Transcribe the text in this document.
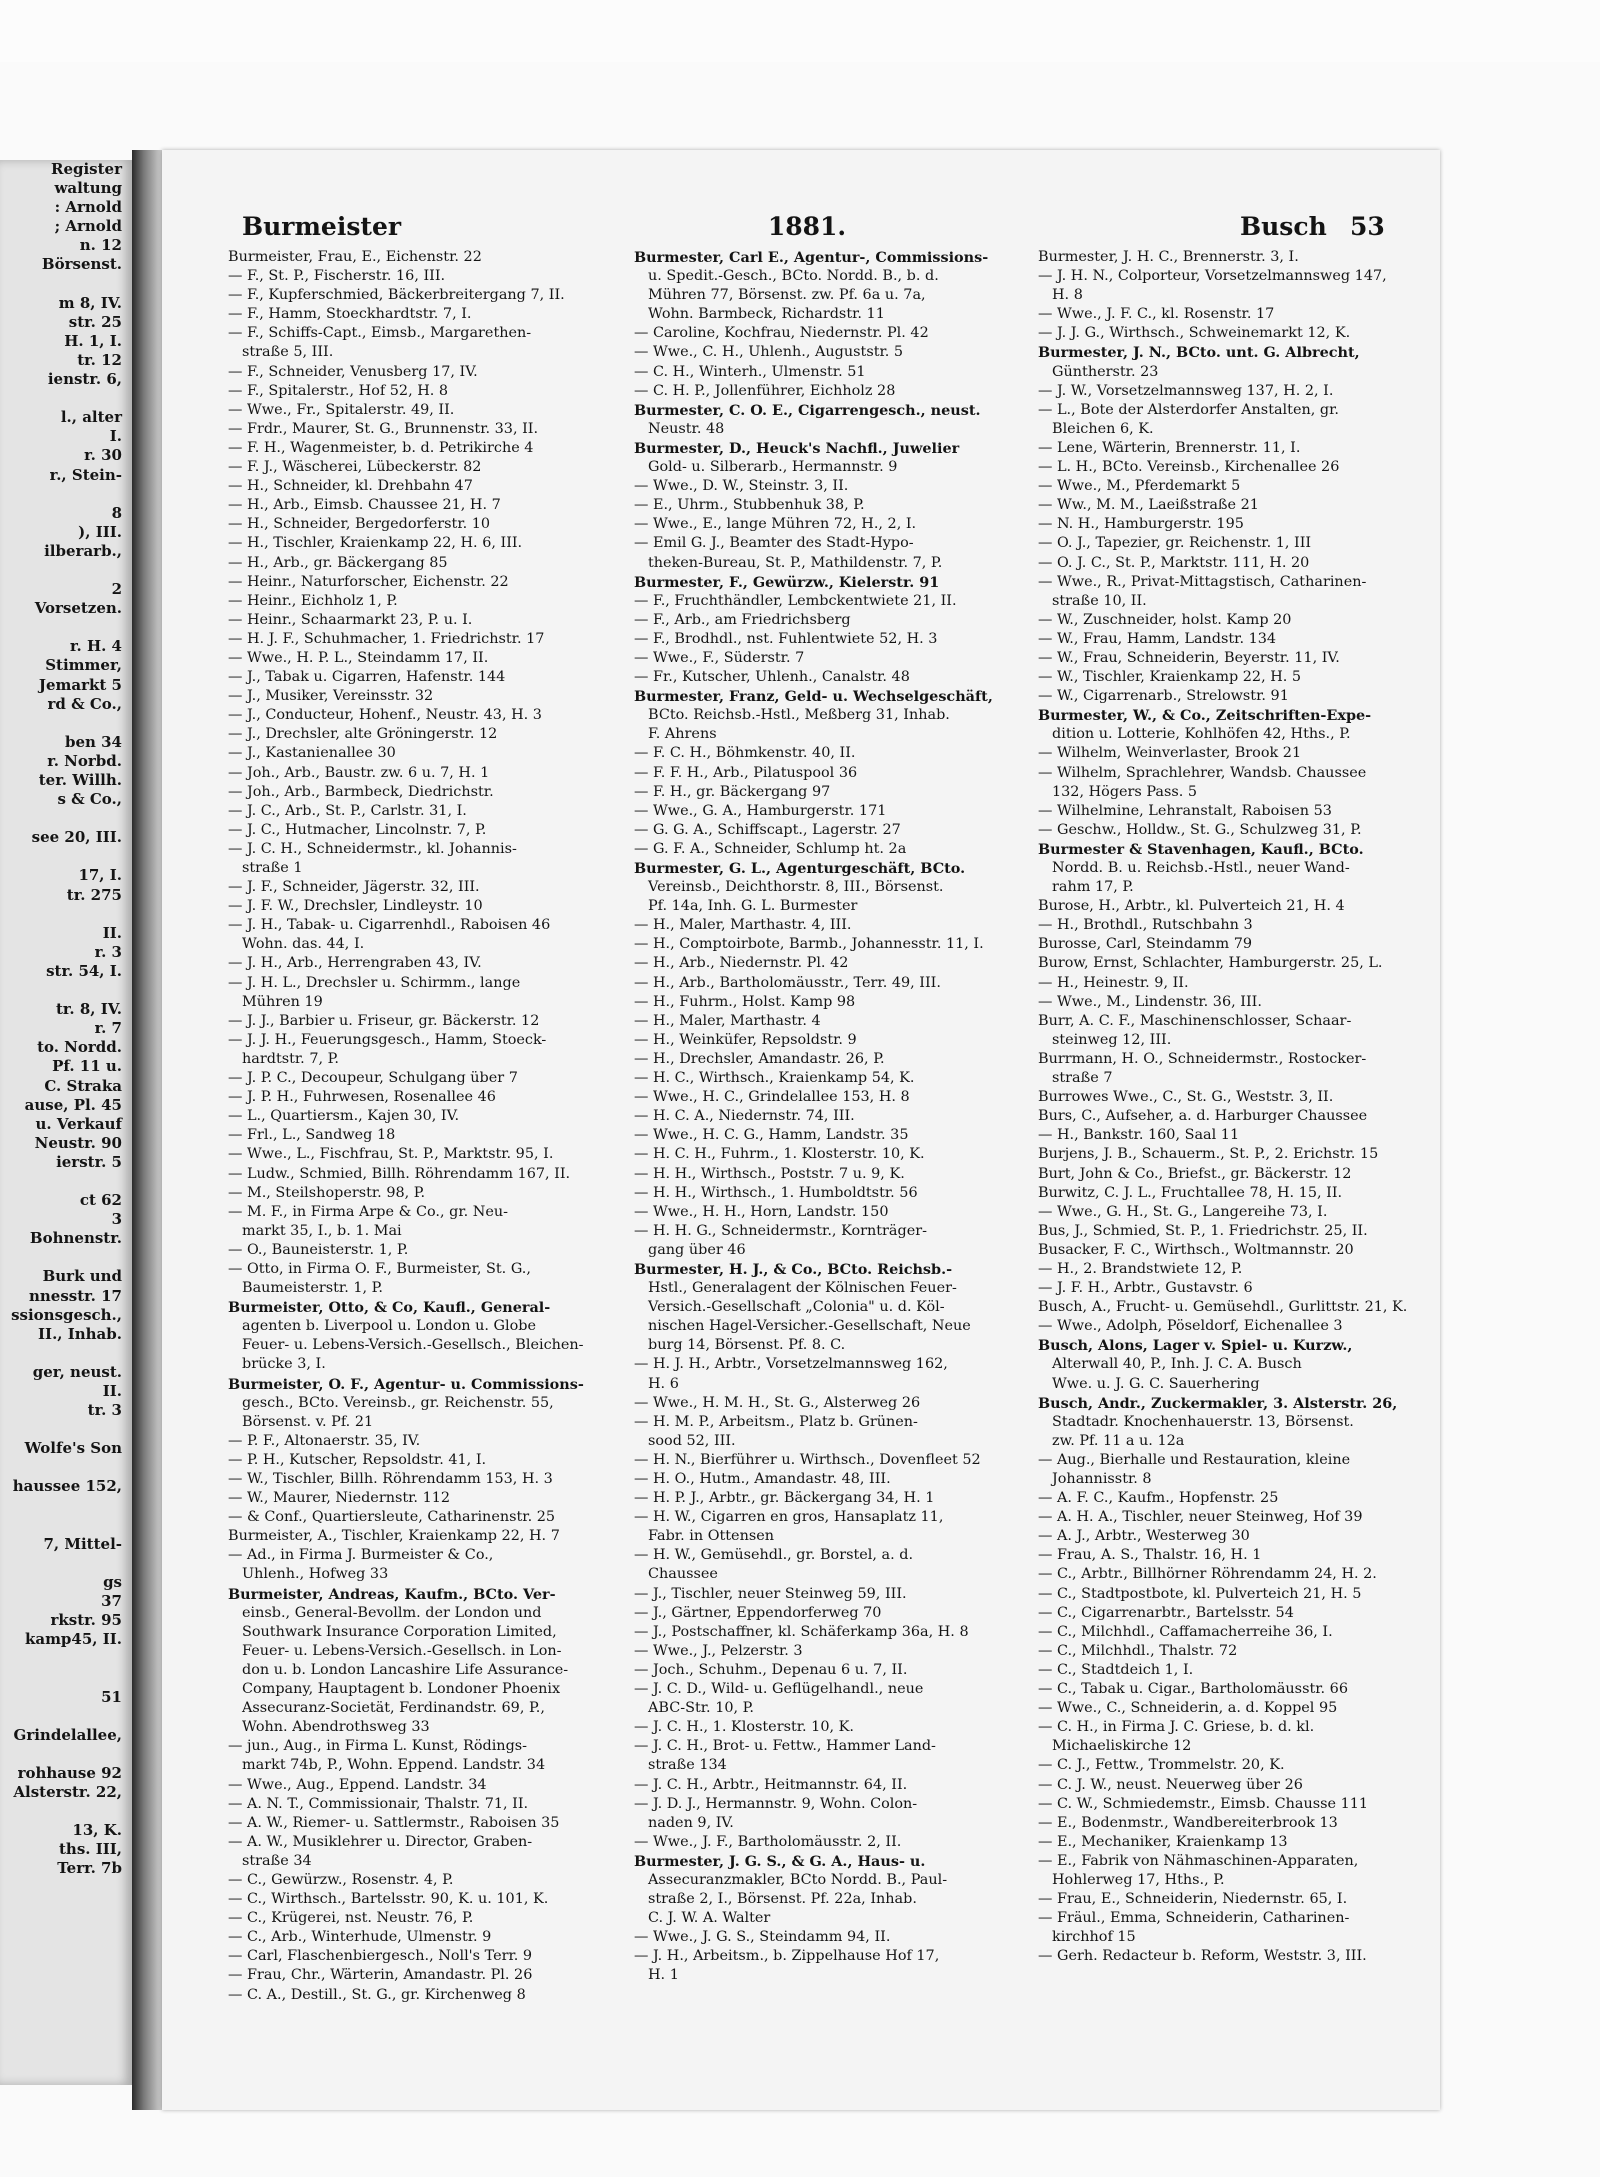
Register
waltung
: Arnold
; Arnold
n. 12
Börsenst.
m 8, IV.
str. 25
H. 1, I.
tr. 12
ienstr. 6,
l., alter
I.
r. 30
r., Stein-
8
), III.
ilberarb.,
2
Vorsetzen.
r. H. 4
Stimmer,
Jemarkt 5
rd & Co.,
ben 34
r. Norbd.
ter. Willh.
s & Co.,
see 20, III.
17, I.
tr. 275
II.
r. 3
str. 54, I.
tr. 8, IV.
r. 7
to. Nordd.
Pf. 11 u.
C. Straka
ause, Pl. 45
u. Verkauf
Neustr. 90
ierstr. 5
ct 62
3
Bohnenstr.
Burk und
nnesstr. 17
ssionsgesch.,
II., Inhab.
ger, neust.
II.
tr. 3
Wolfe's Son
haussee 152,
7, Mittel-
gs
37
rkstr. 95
kamp45, II.
51
Grindelallee,
rohhause 92
Alsterstr. 22,
13, K.
ths. III,
Terr. 7b
Burmeister	1881.	Busch 53
Burmeister, Frau, E., Eichenstr. 22
— F., St. P., Fischerstr. 16, III.
— F., Kupferschmied, Bäckerbreitergang 7, II.
— F., Hamm, Stoeckhardtstr. 7, I.
— F., Schiffs-Capt., Eimsb., Margarethen-
straße 5, III.
— F., Schneider, Venusberg 17, IV.
— F., Spitalerstr., Hof 52, H. 8
— Wwe., Fr., Spitalerstr. 49, II.
— Frdr., Maurer, St. G., Brunnenstr. 33, II.
— F. H., Wagenmeister, b. d. Petrikirche 4
— F. J., Wäscherei, Lübeckerstr. 82
— H., Schneider, kl. Drehbahn 47
— H., Arb., Eimsb. Chaussee 21, H. 7
— H., Schneider, Bergedorferstr. 10
— H., Tischler, Kraienkamp 22, H. 6, III.
— H., Arb., gr. Bäckergang 85
— Heinr., Naturforscher, Eichenstr. 22
— Heinr., Eichholz 1, P.
— Heinr., Schaarmarkt 23, P. u. I.
— H. J. F., Schuhmacher, 1. Friedrichstr. 17
— Wwe., H. P. L., Steindamm 17, II.
— J., Tabak u. Cigarren, Hafenstr. 144
— J., Musiker, Vereinsstr. 32
— J., Conducteur, Hohenf., Neustr. 43, H. 3
— J., Drechsler, alte Gröningerstr. 12
— J., Kastanienallee 30
— Joh., Arb., Baustr. zw. 6 u. 7, H. 1
— Joh., Arb., Barmbeck, Diedrichstr.
— J. C., Arb., St. P., Carlstr. 31, I.
— J. C., Hutmacher, Lincolnstr. 7, P.
— J. C. H., Schneidermstr., kl. Johannis-
straße 1
— J. F., Schneider, Jägerstr. 32, III.
— J. F. W., Drechsler, Lindleystr. 10
— J. H., Tabak- u. Cigarrenhdl., Raboisen 46
Wohn. das. 44, I.
— J. H., Arb., Herrengraben 43, IV.
— J. H. L., Drechsler u. Schirmm., lange
Mühren 19
— J. J., Barbier u. Friseur, gr. Bäckerstr. 12
— J. J. H., Feuerungsgesch., Hamm, Stoeck-
hardtstr. 7, P.
— J. P. C., Decoupeur, Schulgang über 7
— J. P. H., Fuhrwesen, Rosenallee 46
— L., Quartiersm., Kajen 30, IV.
— Frl., L., Sandweg 18
— Wwe., L., Fischfrau, St. P., Marktstr. 95, I.
— Ludw., Schmied, Billh. Röhrendamm 167, II.
— M., Steilshoperstr. 98, P.
— M. F., in Firma Arpe & Co., gr. Neu-
markt 35, I., b. 1. Mai
— O., Bauneisterstr. 1, P.
— Otto, in Firma O. F., Burmeister, St. G.,
Baumeisterstr. 1, P.
Burmeister, Otto, & Co, Kaufl., General-
agenten b. Liverpool u. London u. Globe
Feuer- u. Lebens-Versich.-Gesellsch., Bleichen-
brücke 3, I.
Burmeister, O. F., Agentur- u. Commissions-
gesch., BCto. Vereinsb., gr. Reichenstr. 55,
Börsenst. v. Pf. 21
— P. F., Altonaerstr. 35, IV.
— P. H., Kutscher, Repsoldstr. 41, I.
— W., Tischler, Billh. Röhrendamm 153, H. 3
— W., Maurer, Niedernstr. 112
— & Conf., Quartiersleute, Catharinenstr. 25
Burmeister, A., Tischler, Kraienkamp 22, H. 7
— Ad., in Firma J. Burmeister & Co.,
Uhlenh., Hofweg 33
Burmeister, Andreas, Kaufm., BCto. Ver-
einsb., General-Bevollm. der London und
Southwark Insurance Corporation Limited,
Feuer- u. Lebens-Versich.-Gesellsch. in Lon-
don u. b. London Lancashire Life Assurance-
Company, Hauptagent b. Londoner Phoenix
Assecuranz-Societät, Ferdinandstr. 69, P.,
Wohn. Abendrothsweg 33
— jun., Aug., in Firma L. Kunst, Rödings-
markt 74b, P., Wohn. Eppend. Landstr. 34
— Wwe., Aug., Eppend. Landstr. 34
— A. N. T., Commissionair, Thalstr. 71, II.
— A. W., Riemer- u. Sattlermstr., Raboisen 35
— A. W., Musiklehrer u. Director, Graben-
straße 34
— C., Gewürzw., Rosenstr. 4, P.
— C., Wirthsch., Bartelsstr. 90, K. u. 101, K.
— C., Krügerei, nst. Neustr. 76, P.
— C., Arb., Winterhude, Ulmenstr. 9
— Carl, Flaschenbiergesch., Noll's Terr. 9
— Frau, Chr., Wärterin, Amandastr. Pl. 26
— C. A., Destill., St. G., gr. Kirchenweg 8
Burmester, Carl E., Agentur-, Commissions-
u. Spedit.-Gesch., BCto. Nordd. B., b. d.
Mühren 77, Börsenst. zw. Pf. 6a u. 7a,
Wohn. Barmbeck, Richardstr. 11
— Caroline, Kochfrau, Niedernstr. Pl. 42
— Wwe., C. H., Uhlenh., Auguststr. 5
— C. H., Winterh., Ulmenstr. 51
— C. H. P., Jollenführer, Eichholz 28
Burmester, C. O. E., Cigarrengesch., neust.
Neustr. 48
Burmester, D., Heuck's Nachfl., Juwelier
Gold- u. Silberarb., Hermannstr. 9
— Wwe., D. W., Steinstr. 3, II.
— E., Uhrm., Stubbenhuk 38, P.
— Wwe., E., lange Mühren 72, H., 2, I.
— Emil G. J., Beamter des Stadt-Hypo-
theken-Bureau, St. P., Mathildenstr. 7, P.
Burmester, F., Gewürzw., Kielerstr. 91
— F., Fruchthändler, Lembckentwiete 21, II.
— F., Arb., am Friedrichsberg
— F., Brodhdl., nst. Fuhlentwiete 52, H. 3
— Wwe., F., Süderstr. 7
— Fr., Kutscher, Uhlenh., Canalstr. 48
Burmester, Franz, Geld- u. Wechselgeschäft,
BCto. Reichsb.-Hstl., Meßberg 31, Inhab.
F. Ahrens
— F. C. H., Böhmkenstr. 40, II.
— F. F. H., Arb., Pilatuspool 36
— F. H., gr. Bäckergang 97
— Wwe., G. A., Hamburgerstr. 171
— G. G. A., Schiffscapt., Lagerstr. 27
— G. F. A., Schneider, Schlump ht. 2a
Burmester, G. L., Agenturgeschäft, BCto.
Vereinsb., Deichthorstr. 8, III., Börsenst.
Pf. 14a, Inh. G. L. Burmester
— H., Maler, Marthastr. 4, III.
— H., Comptoirbote, Barmb., Johannesstr. 11, I.
— H., Arb., Niedernstr. Pl. 42
— H., Arb., Bartholomäusstr., Terr. 49, III.
— H., Fuhrm., Holst. Kamp 98
— H., Maler, Marthastr. 4
— H., Weinküfer, Repsoldstr. 9
— H., Drechsler, Amandastr. 26, P.
— H. C., Wirthsch., Kraienkamp 54, K.
— Wwe., H. C., Grindelallee 153, H. 8
— H. C. A., Niedernstr. 74, III.
— Wwe., H. C. G., Hamm, Landstr. 35
— H. C. H., Fuhrm., 1. Klosterstr. 10, K.
— H. H., Wirthsch., Poststr. 7 u. 9, K.
— H. H., Wirthsch., 1. Humboldtstr. 56
— Wwe., H. H., Horn, Landstr. 150
— H. H. G., Schneidermstr., Kornträger-
gang über 46
Burmester, H. J., & Co., BCto. Reichsb.-
Hstl., Generalagent der Kölnischen Feuer-
Versich.-Gesellschaft „Colonia" u. d. Köl-
nischen Hagel-Versicher.-Gesellschaft, Neue
burg 14, Börsenst. Pf. 8. C.
— H. J. H., Arbtr., Vorsetzelmannsweg 162,
H. 6
— Wwe., H. M. H., St. G., Alsterweg 26
— H. M. P., Arbeitsm., Platz b. Grünen-
sood 52, III.
— H. N., Bierführer u. Wirthsch., Dovenfleet 52
— H. O., Hutm., Amandastr. 48, III.
— H. P. J., Arbtr., gr. Bäckergang 34, H. 1
— H. W., Cigarren en gros, Hansaplatz 11,
Fabr. in Ottensen
— H. W., Gemüsehdl., gr. Borstel, a. d.
Chaussee
— J., Tischler, neuer Steinweg 59, III.
— J., Gärtner, Eppendorferweg 70
— J., Postschaffner, kl. Schäferkamp 36a, H. 8
— Wwe., J., Pelzerstr. 3
— Joch., Schuhm., Depenau 6 u. 7, II.
— J. C. D., Wild- u. Geflügelhandl., neue
ABC-Str. 10, P.
— J. C. H., 1. Klosterstr. 10, K.
— J. C. H., Brot- u. Fettw., Hammer Land-
straße 134
— J. C. H., Arbtr., Heitmannstr. 64, II.
— J. D. J., Hermannstr. 9, Wohn. Colon-
naden 9, IV.
— Wwe., J. F., Bartholomäusstr. 2, II.
Burmester, J. G. S., & G. A., Haus- u.
Assecuranzmakler, BCto Nordd. B., Paul-
straße 2, I., Börsenst. Pf. 22a, Inhab.
C. J. W. A. Walter
— Wwe., J. G. S., Steindamm 94, II.
— J. H., Arbeitsm., b. Zippelhause Hof 17,
H. 1
Burmester, J. H. C., Brennerstr. 3, I.
— J. H. N., Colporteur, Vorsetzelmannsweg 147,
H. 8
— Wwe., J. F. C., kl. Rosenstr. 17
— J. J. G., Wirthsch., Schweinemarkt 12, K.
Burmester, J. N., BCto. unt. G. Albrecht,
Güntherstr. 23
— J. W., Vorsetzelmannsweg 137, H. 2, I.
— L., Bote der Alsterdorfer Anstalten, gr.
Bleichen 6, K.
— Lene, Wärterin, Brennerstr. 11, I.
— L. H., BCto. Vereinsb., Kirchenallee 26
— Wwe., M., Pferdemarkt 5
— Ww., M. M., Laeißstraße 21
— N. H., Hamburgerstr. 195
— O. J., Tapezier, gr. Reichenstr. 1, III
— O. J. C., St. P., Marktstr. 111, H. 20
— Wwe., R., Privat-Mittagstisch, Catharinen-
straße 10, II.
— W., Zuschneider, holst. Kamp 20
— W., Frau, Hamm, Landstr. 134
— W., Frau, Schneiderin, Beyerstr. 11, IV.
— W., Tischler, Kraienkamp 22, H. 5
— W., Cigarrenarb., Strelowstr. 91
Burmester, W., & Co., Zeitschriften-Expe-
dition u. Lotterie, Kohlhöfen 42, Hths., P.
— Wilhelm, Weinverlaster, Brook 21
— Wilhelm, Sprachlehrer, Wandsb. Chaussee
132, Högers Pass. 5
— Wilhelmine, Lehranstalt, Raboisen 53
— Geschw., Holldw., St. G., Schulzweg 31, P.
Burmester & Stavenhagen, Kaufl., BCto.
Nordd. B. u. Reichsb.-Hstl., neuer Wand-
rahm 17, P.
Burose, H., Arbtr., kl. Pulverteich 21, H. 4
— H., Brothdl., Rutschbahn 3
Burosse, Carl, Steindamm 79
Burow, Ernst, Schlachter, Hamburgerstr. 25, L.
— H., Heinestr. 9, II.
— Wwe., M., Lindenstr. 36, III.
Burr, A. C. F., Maschinenschlosser, Schaar-
steinweg 12, III.
Burrmann, H. O., Schneidermstr., Rostocker-
straße 7
Burrowes Wwe., C., St. G., Weststr. 3, II.
Burs, C., Aufseher, a. d. Harburger Chaussee
— H., Bankstr. 160, Saal 11
Burjens, J. B., Schauerm., St. P., 2. Erichstr. 15
Burt, John & Co., Briefst., gr. Bäckerstr. 12
Burwitz, C. J. L., Fruchtallee 78, H. 15, II.
— Wwe., G. H., St. G., Langereihe 73, I.
Bus, J., Schmied, St. P., 1. Friedrichstr. 25, II.
Busacker, F. C., Wirthsch., Woltmannstr. 20
— H., 2. Brandstwiete 12, P.
— J. F. H., Arbtr., Gustavstr. 6
Busch, A., Frucht- u. Gemüsehdl., Gurlittstr. 21, K.
— Wwe., Adolph, Pöseldorf, Eichenallee 3
Busch, Alons, Lager v. Spiel- u. Kurzw.,
Alterwall 40, P., Inh. J. C. A. Busch
Wwe. u. J. G. C. Sauerhering
Busch, Andr., Zuckermakler, 3. Alsterstr. 26,
Stadtadr. Knochenhauerstr. 13, Börsenst.
zw. Pf. 11 a u. 12a
— Aug., Bierhalle und Restauration, kleine
Johannisstr. 8
— A. F. C., Kaufm., Hopfenstr. 25
— A. H. A., Tischler, neuer Steinweg, Hof 39
— A. J., Arbtr., Westerweg 30
— Frau, A. S., Thalstr. 16, H. 1
— C., Arbtr., Billhörner Röhrendamm 24, H. 2.
— C., Stadtpostbote, kl. Pulverteich 21, H. 5
— C., Cigarrenarbtr., Bartelsstr. 54
— C., Milchhdl., Caffamacherreihe 36, I.
— C., Milchhdl., Thalstr. 72
— C., Stadtdeich 1, I.
— C., Tabak u. Cigar., Bartholomäusstr. 66
— Wwe., C., Schneiderin, a. d. Koppel 95
— C. H., in Firma J. C. Griese, b. d. kl.
Michaeliskirche 12
— C. J., Fettw., Trommelstr. 20, K.
— C. J. W., neust. Neuerweg über 26
— C. W., Schmiedemstr., Eimsb. Chausse 111
— E., Bodenmstr., Wandbereiterbrook 13
— E., Mechaniker, Kraienkamp 13
— E., Fabrik von Nähmaschinen-Apparaten,
Hohlerweg 17, Hths., P.
— Frau, E., Schneiderin, Niedernstr. 65, I.
— Fräul., Emma, Schneiderin, Catharinen-
kirchhof 15
— Gerh. Redacteur b. Reform, Weststr. 3, III.
